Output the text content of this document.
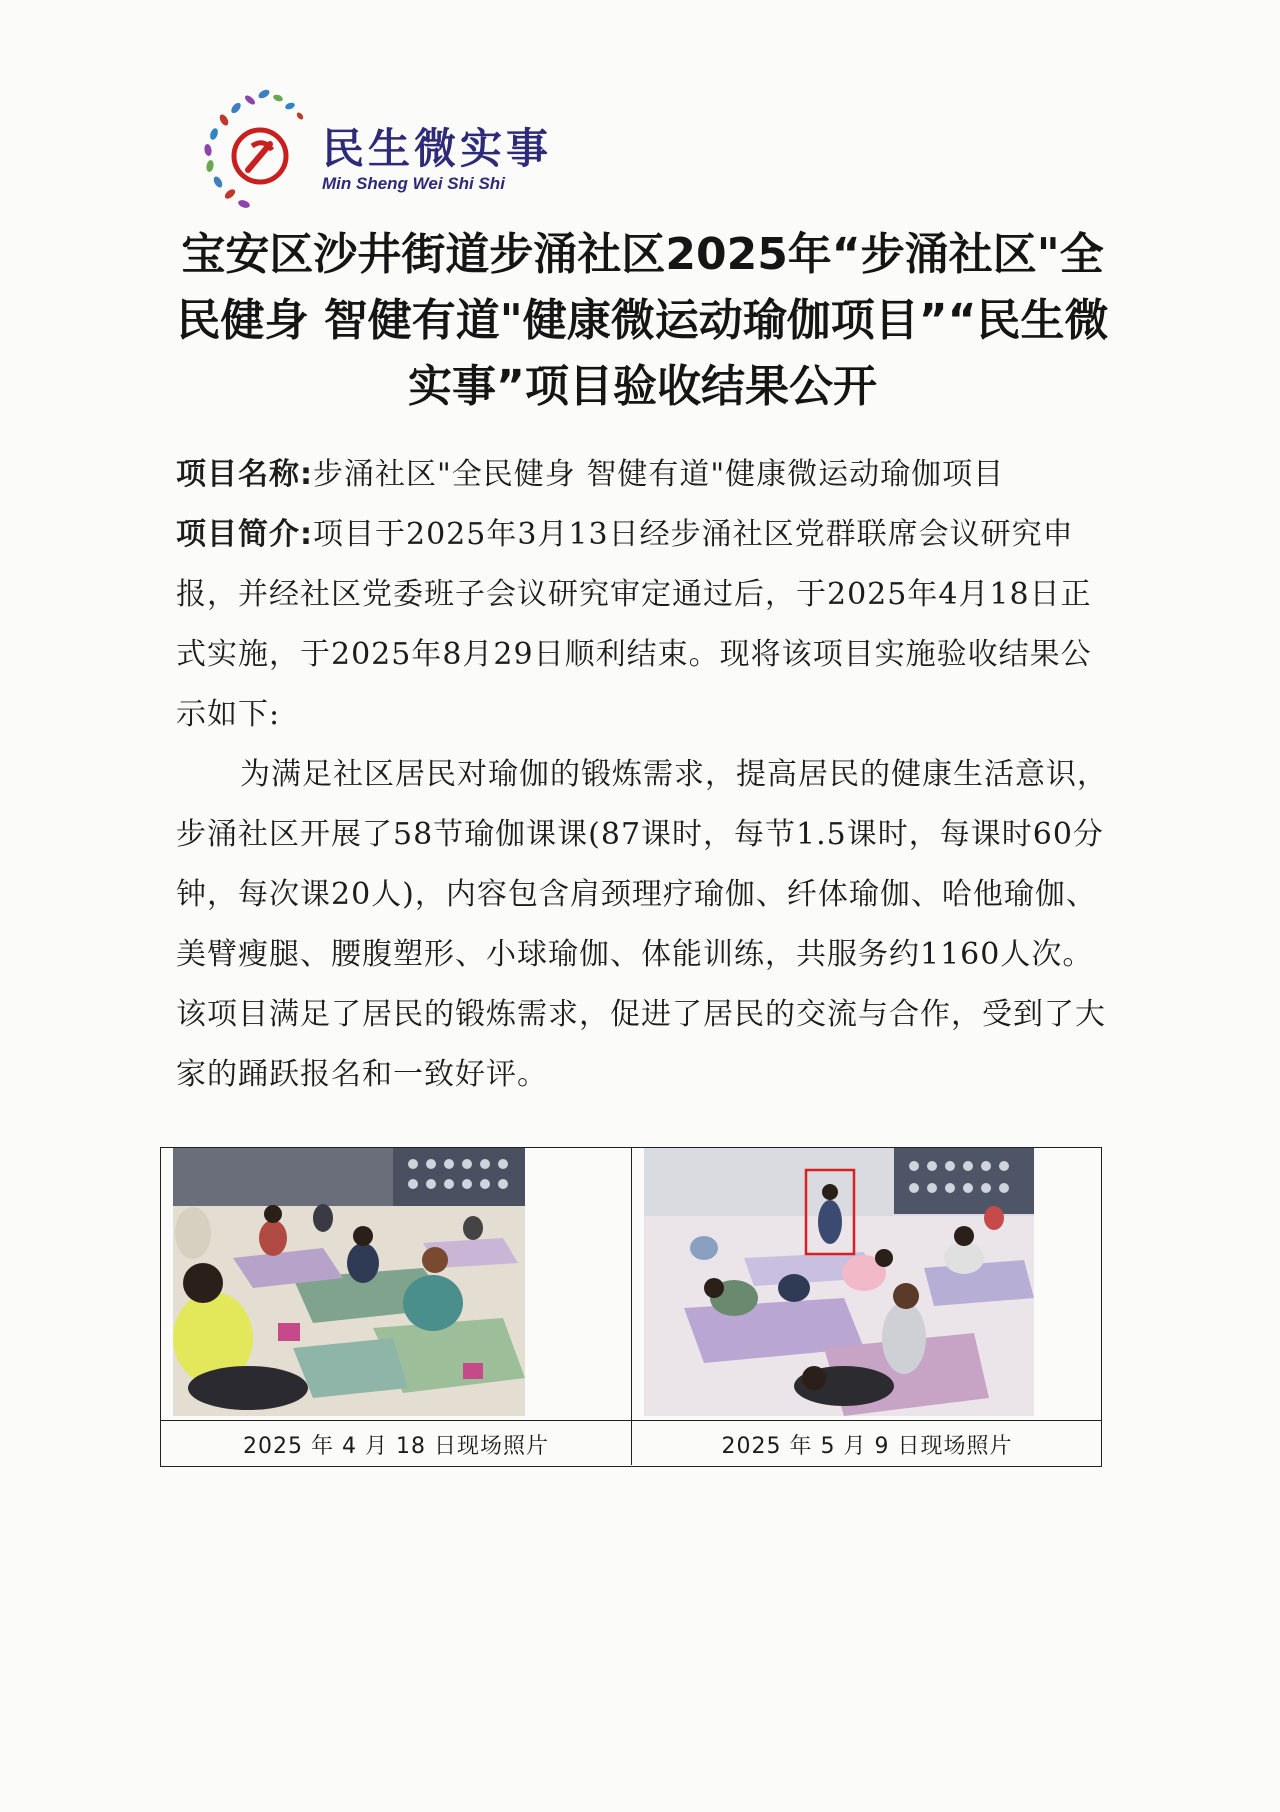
民生微实事
Min Sheng Wei Shi Shi
宝安区沙井街道步涌社区2025年“步涌社区"全民健身 智健有道"健康微运动瑜伽项目”“民生微实事”项目验收结果公开

项目名称:步涌社区"全民健身 智健有道"健康微运动瑜伽项目

项目简介:项目于2025年3月13日经步涌社区党群联席会议研究申报，并经社区党委班子会议研究审定通过后，于2025年4月18日正式实施，于2025年8月29日顺利结束。现将该项目实施验收结果公示如下:

为满足社区居民对瑜伽的锻炼需求，提高居民的健康生活意识，步涌社区开展了58节瑜伽课课(87课时，每节1.5课时，每课时60分钟，每次课20人)，内容包含肩颈理疗瑜伽、纤体瑜伽、哈他瑜伽、美臂瘦腿、腰腹塑形、小球瑜伽、体能训练，共服务约1160人次。该项目满足了居民的锻炼需求，促进了居民的交流与合作，受到了大家的踊跃报名和一致好评。

2025 年 4 月 18 日现场照片	2025 年 5 月 9 日现场照片
